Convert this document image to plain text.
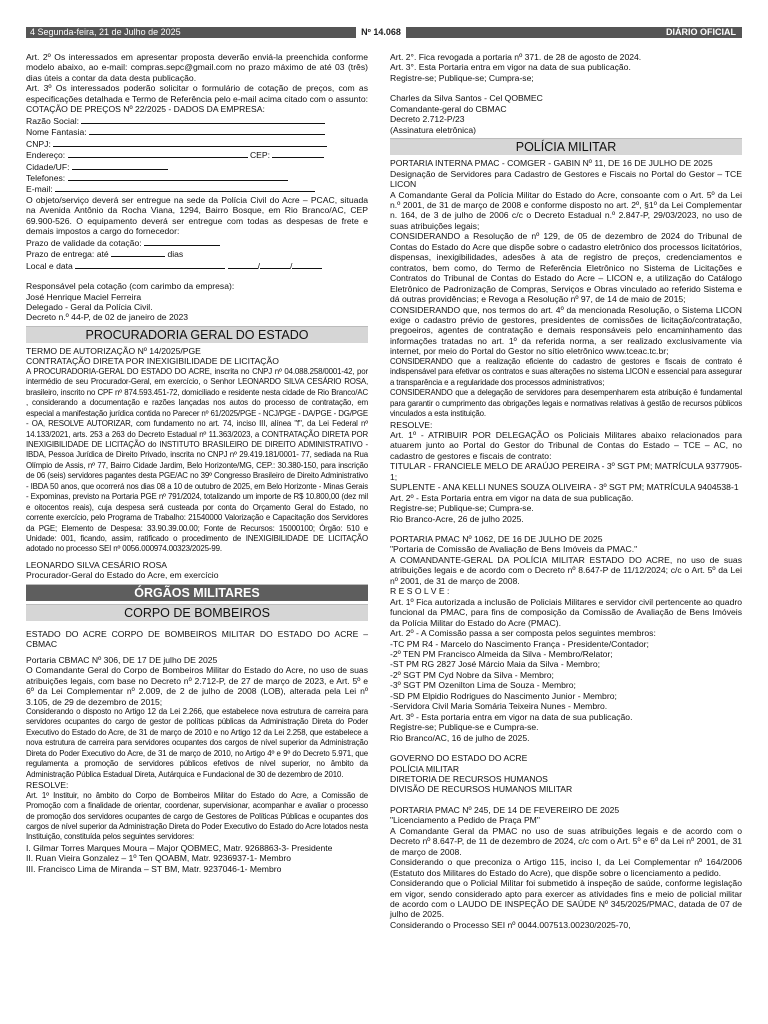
4 Segunda-feira, 21 de Julho de 2025	Nº 14.068	DIÁRIO OFICIAL

Art. 2º Os interessados em apresentar proposta deverão enviá-la preenchida conforme modelo abaixo, ao e-mail: compras.sepc@gmail.com no prazo máximo de até 03 (três) dias úteis a contar da data desta publicação.

Art. 3º Os interessados poderão solicitar o formulário de cotação de preços, com as especificações detalhada e Termo de Referência pelo e-mail acima citado com o assunto: COTAÇÃO DE PREÇOS Nº 22/2025 - DADOS DA EMPRESA:

Razão Social:
Nome Fantasia:
CNPJ:
Endereço:	CEP:
Cidade/UF:
Telefones:
E-mail:

O objeto/serviço deverá ser entregue na sede da Polícia Civil do Acre – PCAC, situada na Avenida Antônio da Rocha Viana, 1294, Bairro Bosque, em Rio Branco/AC, CEP 69.900-526. O equipamento deverá ser entregue com todas as despesas de frete e demais impostos a cargo do fornecedor:

Prazo de validade da cotação:
Prazo de entrega: até	dias
Local e data	/	/
Responsável pela cotação (com carimbo da empresa):
José Henrique Maciel Ferreira
Delegado - Geral da Polícia Civil.
Decreto n.º 44-P, de 02 de janeiro de 2023
PROCURADORIA GERAL DO ESTADO
TERMO DE AUTORIZAÇÃO Nº 14/2025/PGE
CONTRATAÇÃO DIRETA POR INEXIGIBILIDADE DE LICITAÇÃO

A PROCURADORIA-GERAL DO ESTADO DO ACRE, inscrita no CNPJ nº 04.088.258/0001-42, por intermédio de seu Procurador-Geral, em exercício, o Senhor LEONARDO SILVA CESÁRIO ROSA, brasileiro, inscrito no CPF nº 874.593.451-72, domiciliado e residente nesta cidade de Rio Branco/AC , considerando a documentação e razões lançadas nos autos do processo de contratação, em especial a manifestação jurídica contida no Parecer nº 61/2025/PGE - NCJ/PGE - DA/PGE - DG/PGE - OA, RESOLVE AUTORIZAR, com fundamento no art. 74, inciso III, alínea "f", da Lei Federal nº 14.133/2021, arts. 253 a 263 do Decreto Estadual nº 11.363/2023, a CONTRATAÇÃO DIRETA POR INEXIGIBILIDADE DE LICITAÇÃO do INSTITUTO BRASILEIRO DE DIREITO ADMINISTRATIVO - IBDA, Pessoa Jurídica de Direito Privado, inscrita no CNPJ nº 29.419.181/0001- 77, sediada na Rua Olímpio de Assis, nº 77, Bairro Cidade Jardim, Belo Horizonte/MG, CEP.: 30.380-150, para inscrição de 06 (seis) servidores pagantes desta PGE/AC no 39º Congresso Brasileiro de Direito Administrativo - IBDA 50 anos, que ocorrerá nos dias 08 a 10 de outubro de 2025, em Belo Horizonte - Minas Gerais - Expominas, previsto na Portaria PGE nº 791/2024, totalizando um importe de R$ 10.800,00 (dez mil e oitocentos reais), cuja despesa será custeada por conta do Orçamento Geral do Estado, no corrente exercício, pelo Programa de Trabalho: 21540000 Valorização e Capacitação dos Servidores da PGE; Elemento de Despesa: 33.90.39.00.00; Fonte de Recursos: 15000100; Órgão: 510 e Unidade: 001, ficando, assim, ratificado o procedimento de INEXIGIBILIDADE DE LICITAÇÃO adotado no processo SEI nº 0056.000974.00323/2025-99.

LEONARDO SILVA CESÁRIO ROSA
Procurador-Geral do Estado do Acre, em exercício
ÓRGÃOS MILITARES
CORPO DE BOMBEIROS

ESTADO DO ACRE CORPO DE BOMBEIROS MILITAR DO ESTADO DO ACRE – CBMAC

Portaria CBMAC Nº 306, DE 17 DE julho DE 2025

O Comandante Geral do Corpo de Bombeiros Militar do Estado do Acre, no uso de suas atribuições legais, com base no Decreto nº 2.712-P, de 27 de março de 2023, e Art. 5º e 6º da Lei Complementar nº 2.009, de 2 de julho de 2008 (LOB), alterada pela Lei nº 3.105, de 29 de dezembro de 2015;

Considerando o disposto no Artigo 12 da Lei 2.266, que estabelece nova estrutura de carreira para servidores ocupantes do cargo de gestor de políticas públicas da Administração Direta do Poder Executivo do Estado do Acre, de 31 de março de 2010 e no Artigo 12 da Lei 2.258, que estabelece a nova estrutura de carreira para servidores ocupantes dos cargos de nível superior da Administração Direta do Poder Executivo do Acre, de 31 de março de 2010, no Artigo 4º e 9º do Decreto 5.971, que regulamenta a promoção de servidores públicos efetivos de nível superior, no âmbito da Administração Pública Estadual Direta, Autárquica e Fundacional de 30 de dezembro de 2010.

RESOLVE:

Art. 1º Instituir, no âmbito do Corpo de Bombeiros Militar do Estado do Acre, a Comissão de Promoção com a finalidade de orientar, coordenar, supervisionar, acompanhar e avaliar o processo de promoção dos servidores ocupantes de cargo de Gestores de Políticas Públicas e ocupantes dos cargos de nível superior da Administração Direta do Poder Executivo do Estado do Acre lotados nesta Instituição, constituída pelos seguintes servidores:

I. Gilmar Torres Marques Moura – Major QOBMEC, Matr. 9268863-3- Presidente
II. Ruan Vieira Gonzalez – 1º Ten QOABM, Matr. 9236937-1- Membro
III. Francisco Lima de Miranda – ST BM, Matr. 9237046-1- Membro
Art. 2°. Fica revogada a portaria nº 371. de 28 de agosto de 2024.
Art. 3°. Esta Portaria entra em vigor na data de sua publicação.
Registre-se; Publique-se; Cumpra-se;
Charles da Silva Santos - Cel QOBMEC
Comandante-geral do CBMAC
Decreto 2.712-P/23
(Assinatura eletrônica)
POLÍCIA MILITAR

PORTARIA INTERNA PMAC - COMGER - GABIN Nº 11, DE 16 DE JULHO DE 2025

Designação de Servidores para Cadastro de Gestores e Fiscais no Portal do Gestor – TCE LICON

A Comandante Geral da Polícia Militar do Estado do Acre, consoante com o Art. 5º da Lei n.º 2001, de 31 de março de 2008 e conforme disposto no art. 2º, §1º da Lei Complementar n. 164, de 3 de julho de 2006 c/c o Decreto Estadual n.º 2.847-P, 29/03/2023, no uso de suas atribuições legais;

CONSIDERANDO a Resolução de nº 129, de 05 de dezembro de 2024 do Tribunal de Contas do Estado do Acre que dispõe sobre o cadastro eletrônico dos processos licitatórios, dispensas, inexigibilidades, adesões à ata de registro de preços, credenciamentos e contratos, bem como, do Termo de Referência Eletrônico no Sistema de Licitações e Contratos do Tribunal de Contas do Estado do Acre – LICON e, a utilização do Catálogo Eletrônico de Padronização de Compras, Serviços e Obras vinculado ao referido Sistema e dá outras providências; e Revoga a Resolução nº 97, de 14 de maio de 2015;

CONSIDERANDO que, nos termos do art. 4º da mencionada Resolução, o Sistema LICON exige o cadastro prévio de gestores, presidentes de comissões de licitação/contratação, pregoeiros, agentes de contratação e demais responsáveis pelo encaminhamento das informações tratadas no art. 1º da referida norma, a ser realizado exclusivamente via internet, por meio do Portal do Gestor no sítio eletrônico www.tceac.tc.br;

CONSIDERANDO que a realização eficiente do cadastro de gestores e fiscais de contrato é indispensável para efetivar os contratos e suas alterações no sistema LICON e essencial para assegurar a transparência e a regularidade dos processos administrativos;

CONSIDERANDO que a delegação de servidores para desempenharem esta atribuição é fundamental para garantir o cumprimento das obrigações legais e normativas relativas à gestão de recursos públicos vinculados a esta instituição.

RESOLVE:

Art. 1º - ATRIBUIR POR DELEGAÇÃO os Policiais Militares abaixo relacionados para atuarem junto ao Portal do Gestor do Tribunal de Contas do Estado – TCE – AC, no cadastro de gestores e fiscais de contrato:

TITULAR - FRANCIELE MELO DE ARAÚJO PEREIRA - 3º SGT PM; MATRÍCULA 9377905-1;

SUPLENTE - ANA KELLI NUNES SOUZA OLIVEIRA - 3º SGT PM; MATRÍCULA 9404538-1

Art. 2º - Esta Portaria entra em vigor na data de sua publicação.
Registre-se; Publique-se; Cumpra-se.
Rio Branco-Acre, 26 de julho 2025.
PORTARIA PMAC Nº 1062, DE 16 DE JULHO DE 2025
"Portaria de Comissão de Avaliação de Bens Imóveis da PMAC."

A COMANDANTE-GERAL DA POLÍCIA MILITAR ESTADO DO ACRE, no uso de suas atribuições legais e de acordo com o Decreto nº 8.647-P de 11/12/2024; c/c o Art. 5º da Lei nº 2001, de 31 de março de 2008.

R E S O L V E :

Art. 1º Fica autorizada a inclusão de Policiais Militares e servidor civil pertencente ao quadro funcional da PMAC, para fins de composição da Comissão de Avaliação de Bens Imóveis da Polícia Militar do Estado do Acre (PMAC).

Art. 2º - A Comissão passa a ser composta pelos seguintes membros:
-TC PM R4 - Marcelo do Nascimento França - Presidente/Contador;
-2º TEN PM Francisco Almeida da Silva - Membro/Relator;
-ST PM RG 2827 José Márcio Maia da Silva - Membro;
-2º SGT PM Cyd Nobre da Silva - Membro;
-3º SGT PM Ozenilton Lima de Souza - Membro;
-SD PM Elpidio Rodrigues do Nascimento Junior - Membro;
-Servidora Civil Maria Somária Teixeira Nunes - Membro.
Art. 3º - Esta portaria entra em vigor na data de sua publicação.
Registre-se; Publique-se e Cumpra-se.
Rio Branco/AC, 16 de julho de 2025.
GOVERNO DO ESTADO DO ACRE
POLÍCIA MILITAR
DIRETORIA DE RECURSOS HUMANOS
DIVISÃO DE RECURSOS HUMANOS MILITAR
PORTARIA PMAC Nº 245, DE 14 DE FEVEREIRO DE 2025
"Licenciamento a Pedido de Praça PM"

A Comandante Geral da PMAC no uso de suas atribuições legais e de acordo com o Decreto nº 8.647-P, de 11 de dezembro de 2024, c/c com o Art. 5º e 6º da Lei nº 2001, de 31 de março de 2008.

Considerando o que preconiza o Artigo 115, inciso I, da Lei Complementar nº 164/2006 (Estatuto dos Militares do Estado do Acre), que dispõe sobre o licenciamento a pedido.

Considerando que o Policial Militar foi submetido à inspeção de saúde, conforme legislação em vigor, sendo considerado apto para exercer as atividades fins e meio de policial militar de acordo com o LAUDO DE INSPEÇÃO DE SAÚDE Nº 345/2025/PMAC, datada de 07 de julho de 2025.

Considerando o Processo SEI nº 0044.007513.00230/2025-70,
